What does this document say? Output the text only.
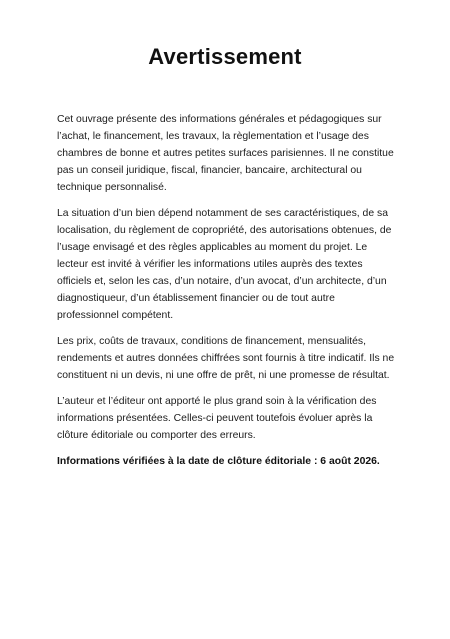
Avertissement

Cet ouvrage présente des informations générales et pédagogiques sur l’achat, le financement, les travaux, la règlementation et l’usage des chambres de bonne et autres petites surfaces parisiennes. Il ne constitue pas un conseil juridique, fiscal, financier, bancaire, architectural ou technique personnalisé.

La situation d’un bien dépend notamment de ses caractéristiques, de sa localisation, du règlement de copropriété, des autorisations obtenues, de l’usage envisagé et des règles applicables au moment du projet. Le lecteur est invité à vérifier les informations utiles auprès des textes officiels et, selon les cas, d’un notaire, d’un avocat, d’un architecte, d’un diagnostiqueur, d’un établissement financier ou de tout autre professionnel compétent.

Les prix, coûts de travaux, conditions de financement, mensualités, rendements et autres données chiffrées sont fournis à titre indicatif. Ils ne constituent ni un devis, ni une offre de prêt, ni une promesse de résultat.

L’auteur et l’éditeur ont apporté le plus grand soin à la vérification des informations présentées. Celles-ci peuvent toutefois évoluer après la clôture éditoriale ou comporter des erreurs.

Informations vérifiées à la date de clôture éditoriale : 6 août 2026.
